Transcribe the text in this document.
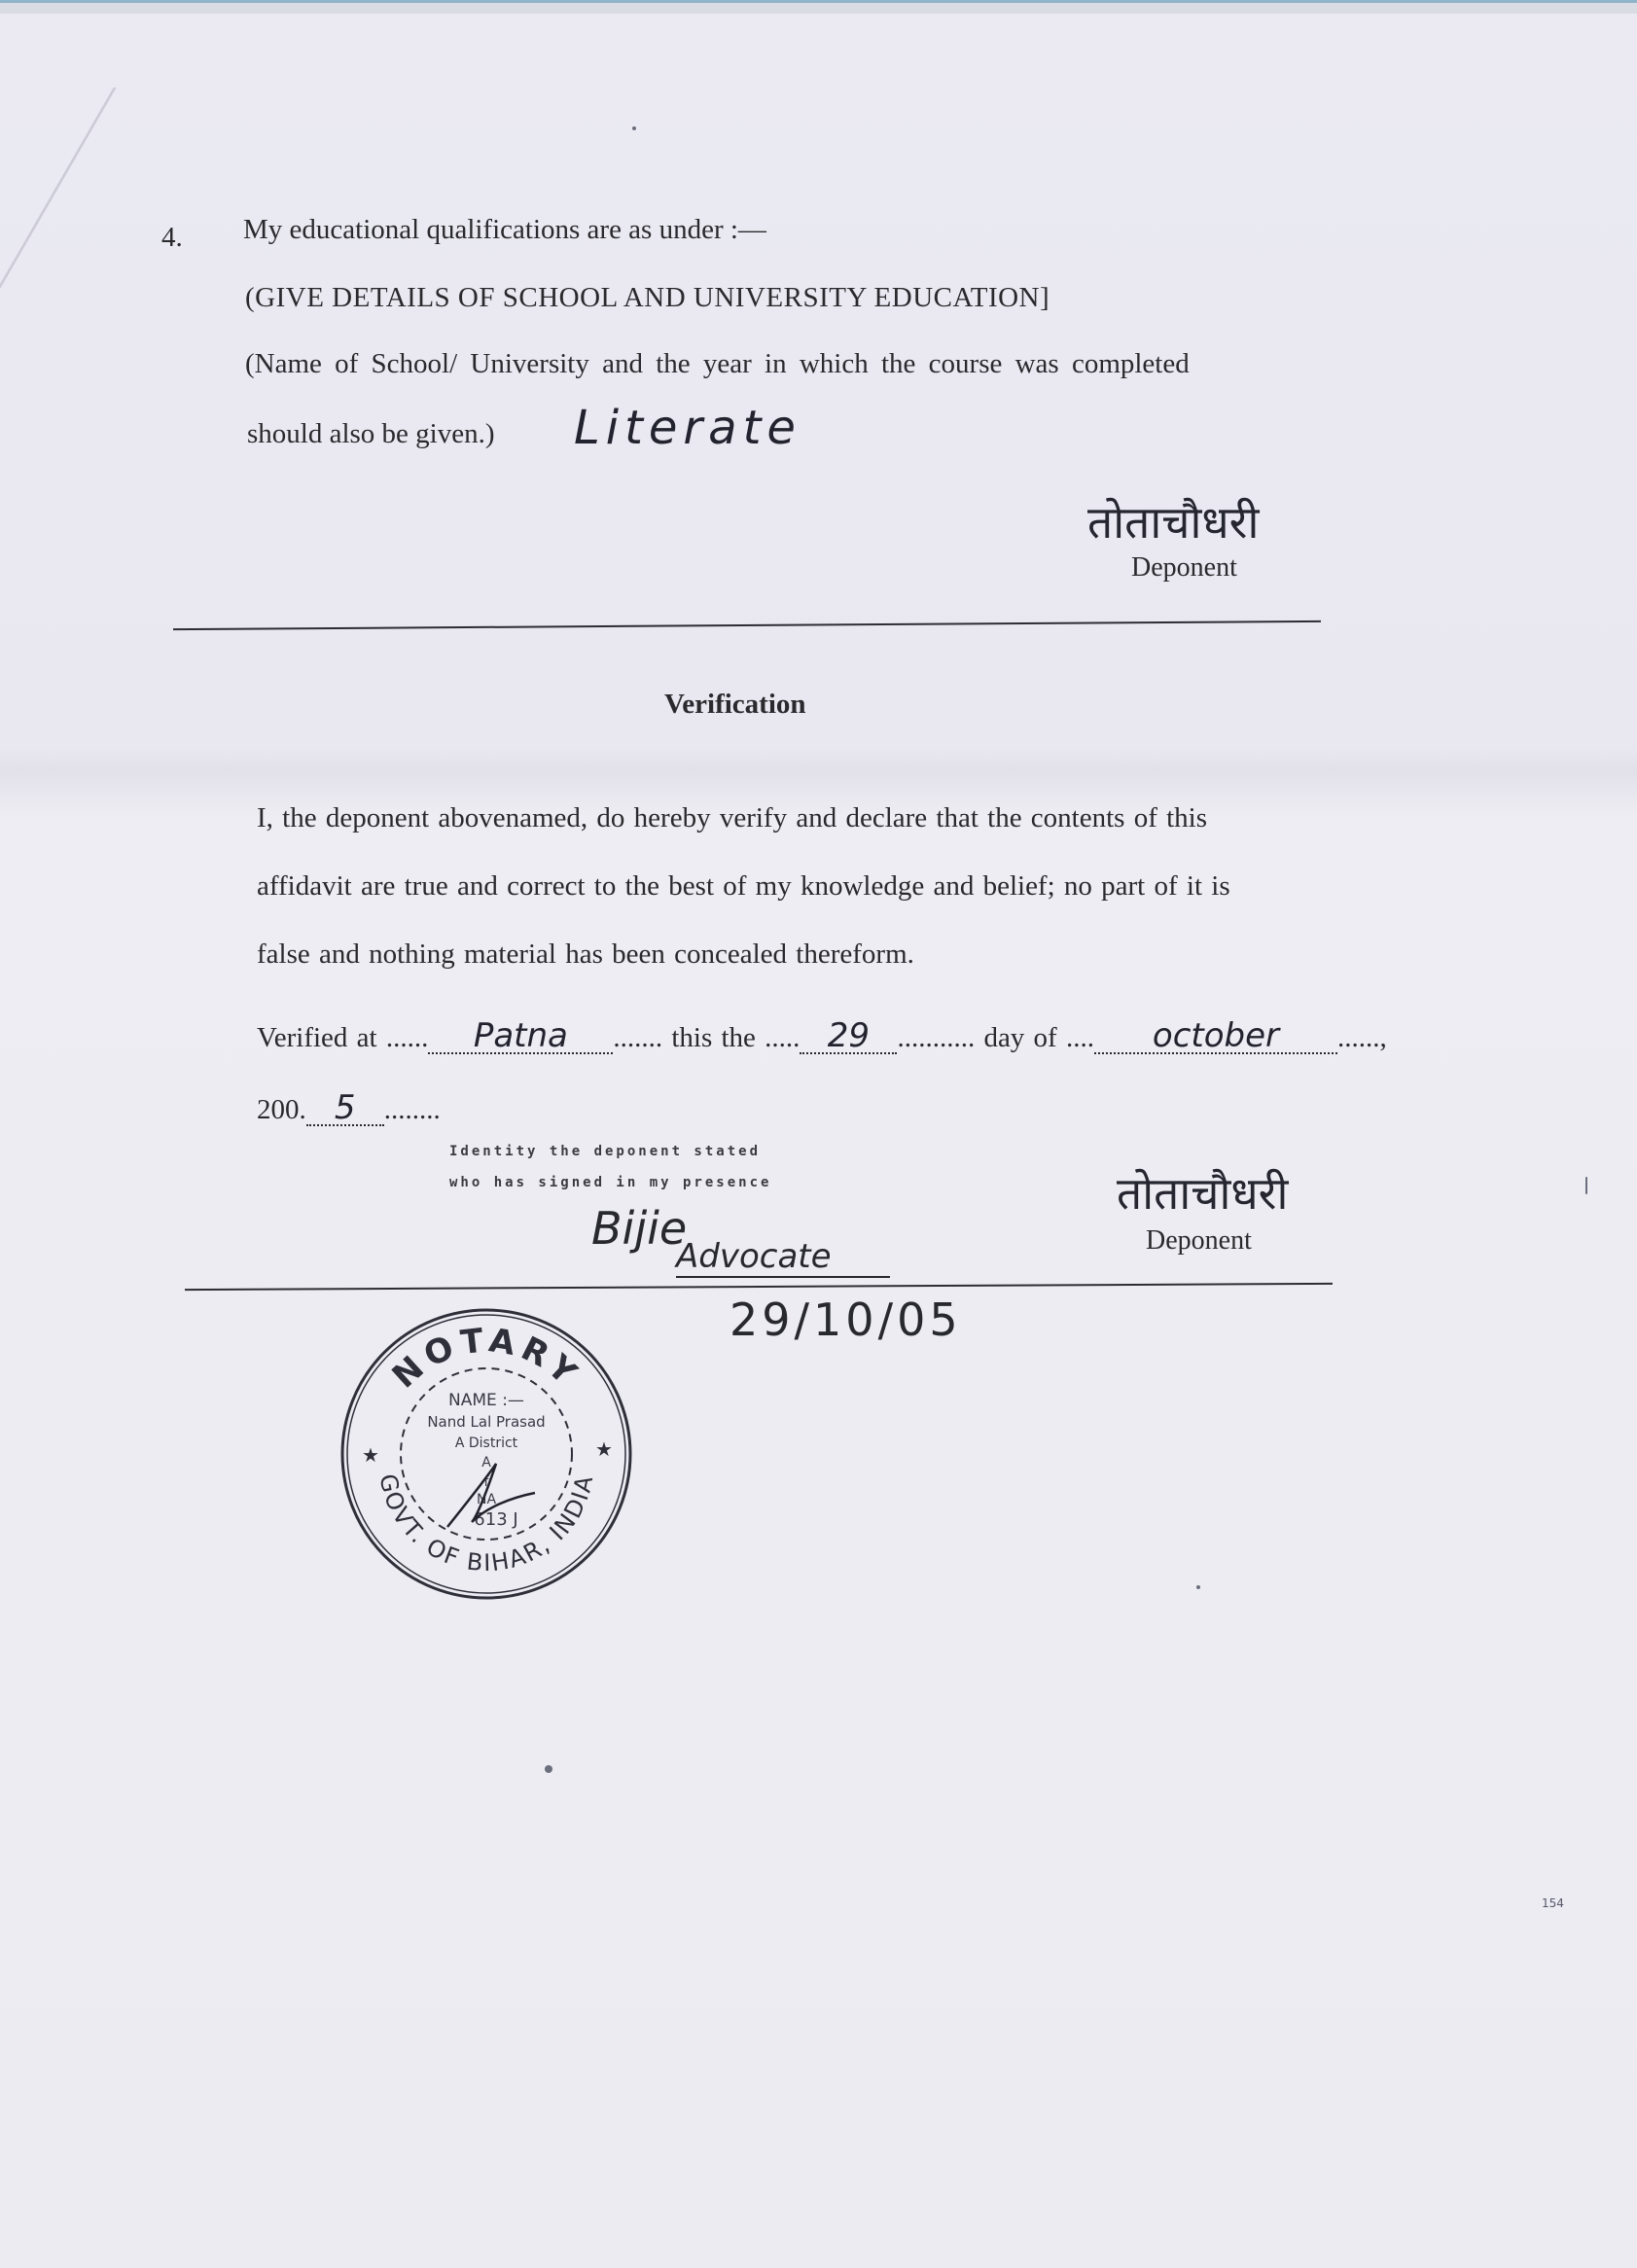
4. My educational qualifications are as under :—
(GIVE DETAILS OF SCHOOL AND UNIVERSITY EDUCATION]
(Name of School/ University and the year in which the course was completed
should also be given.) Literate
तोताचौधरी
Deponent
Verification
I, the deponent abovenamed, do hereby verify and declare that the contents of this
affidavit are true and correct to the best of my knowledge and belief; no part of it is
false and nothing material has been concealed thereform.
Verified at ...... Patna ....... this the ..... 29 ........... day of .... october ......,
200. 5 ........
Identity the deponent stated
who has signed in my presence
Bijie
Advocate
तोताचौधरी
Deponent
29/10/05
NOTARY
GOVT. OF BIHAR, INDIA
★	★
NAME :—
Nand Lal Prasad
A District
A
f
NA
613 J
154
